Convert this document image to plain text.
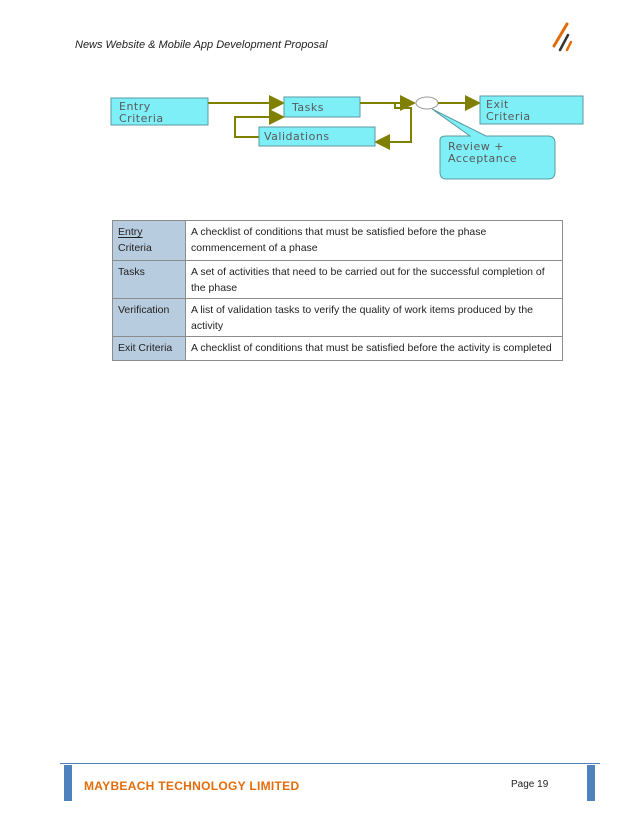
News Website & Mobile App Development Proposal
Entry
Criteria
Tasks	Exit
Criteria
Validations
Review +
Acceptance
Entry
Criteria	A checklist of conditions that must be satisfied before the phase
commencement of a phase
Tasks	A set of activities that need to be carried out for the successful completion of
the phase
Verification	A list of validation tasks to verify the quality of work items produced by the
activity
Exit Criteria	A checklist of conditions that must be satisfied before the activity is completed
MAYBEACH TECHNOLOGY LIMITED	Page 19
